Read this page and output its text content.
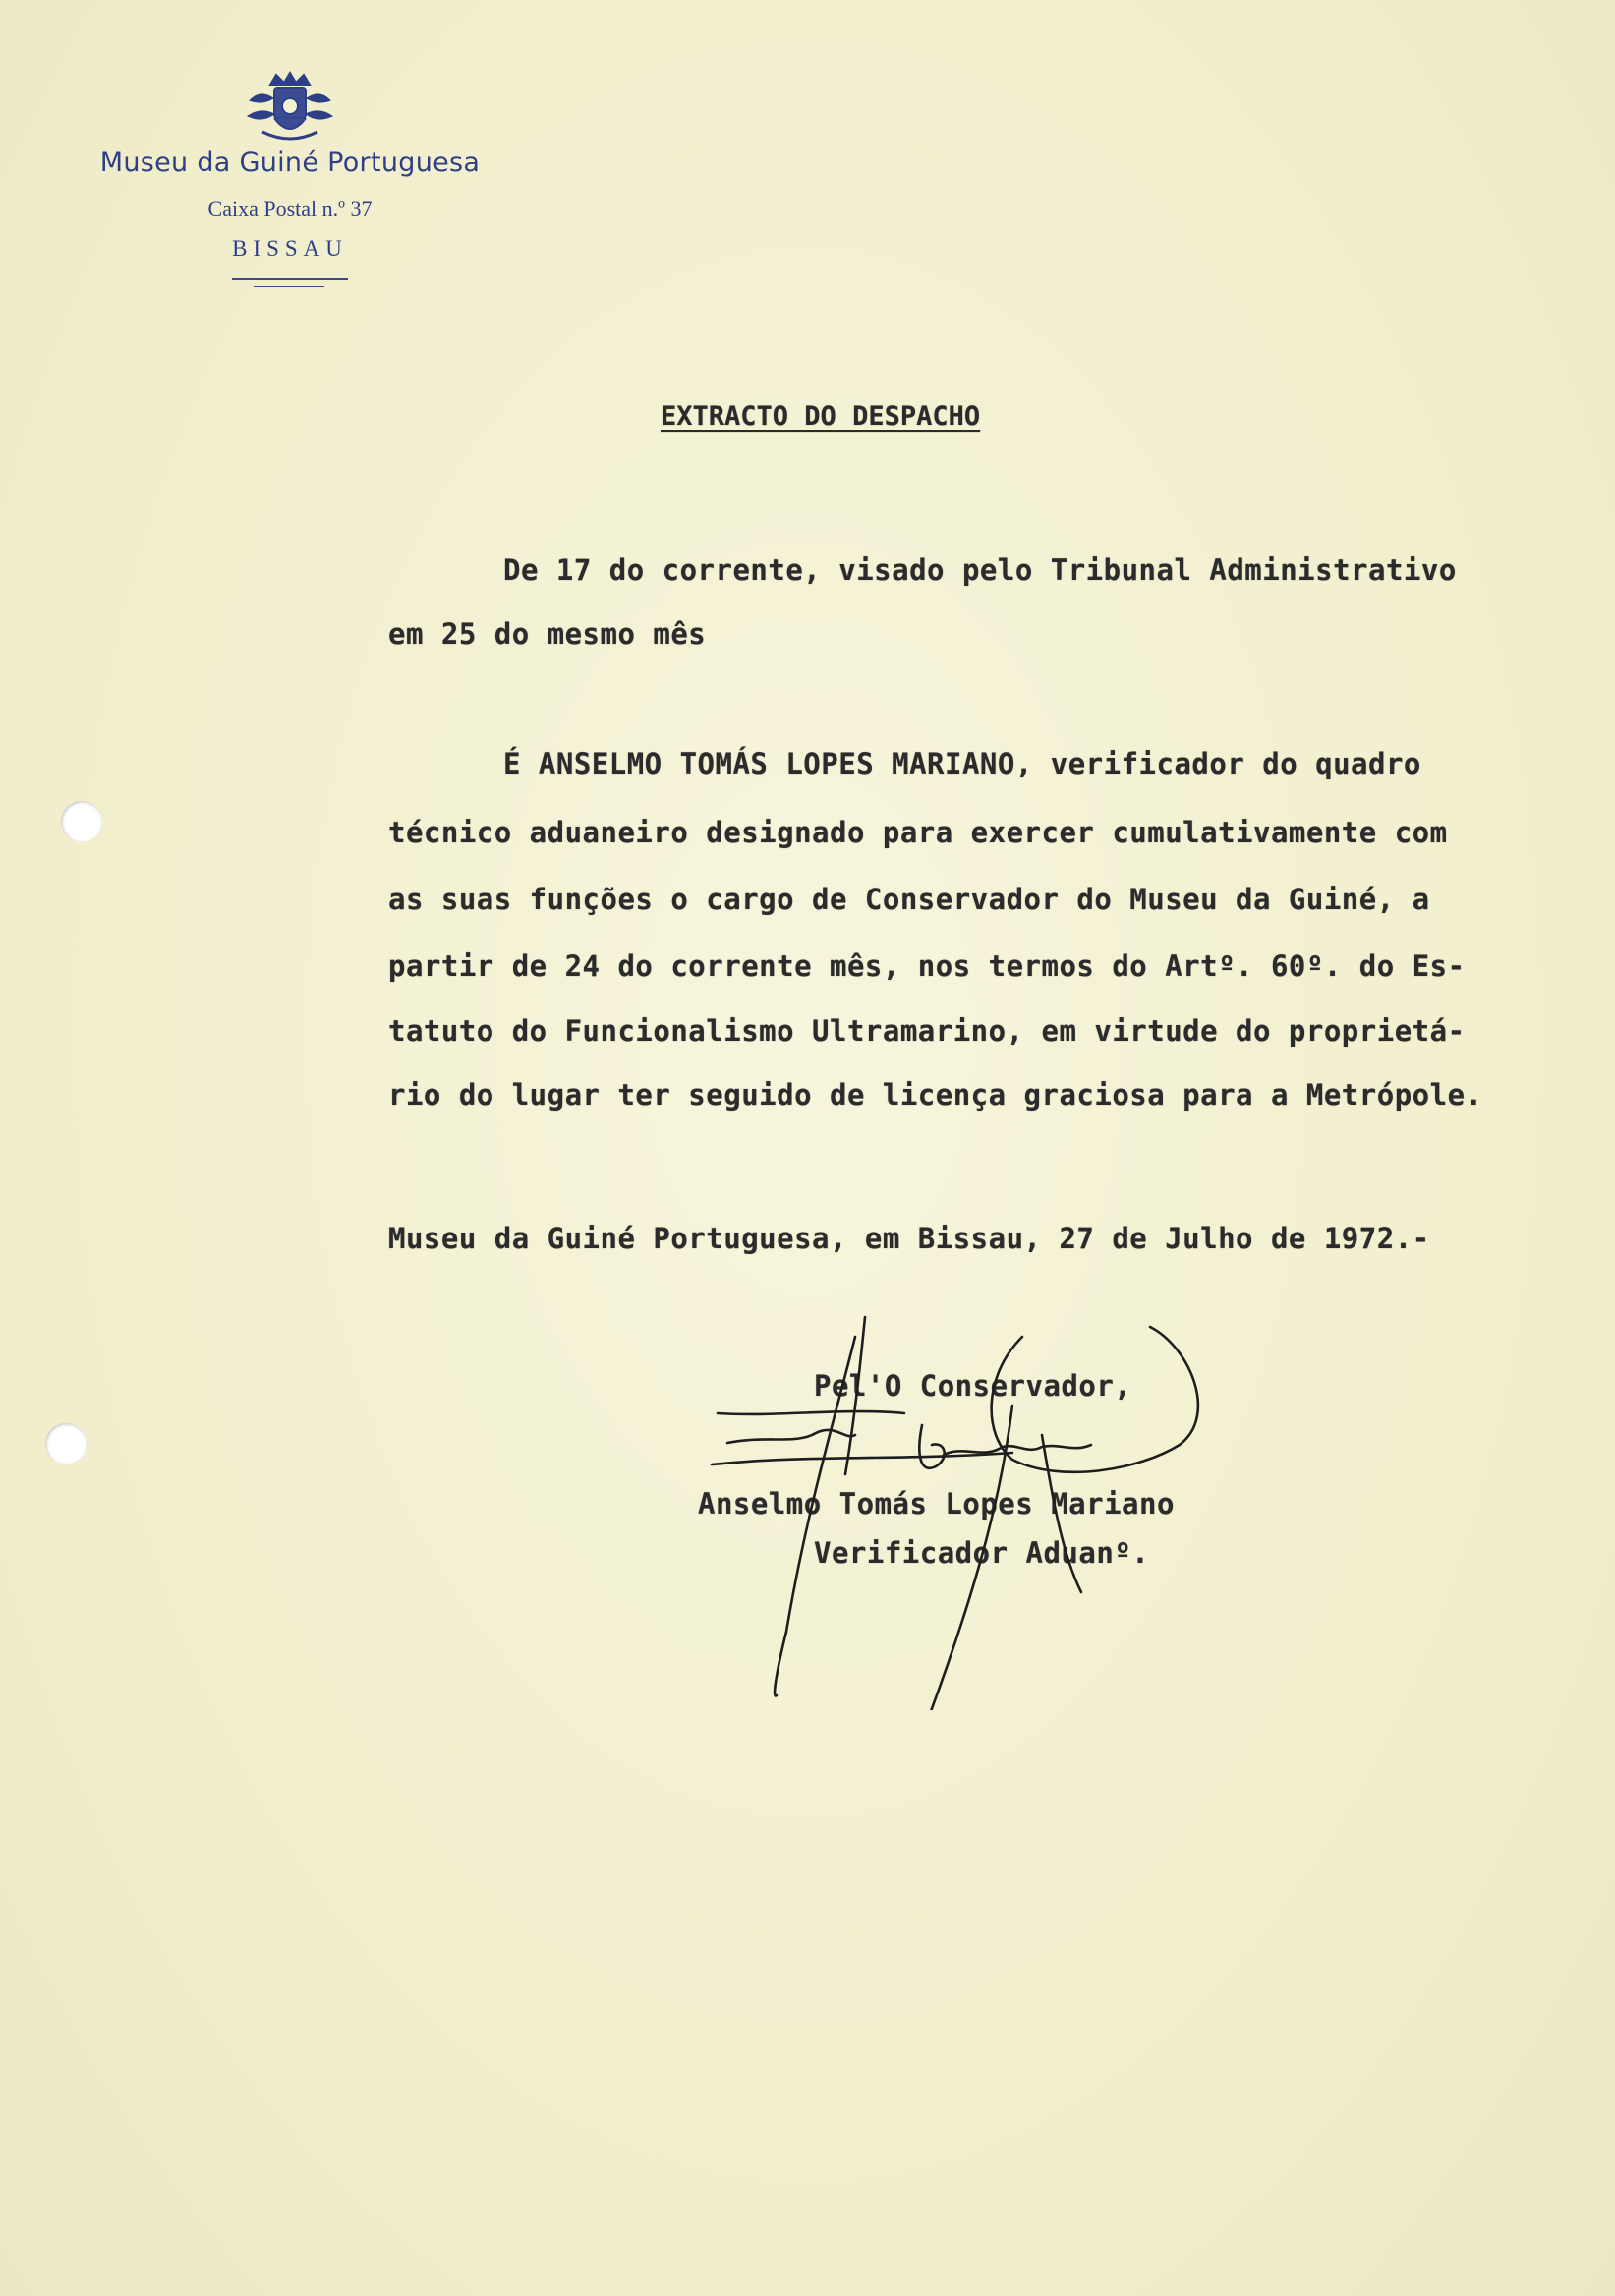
Museu da Guiné Portuguesa
Caixa Postal n.º 37
BISSAU
EXTRACTO DO DESPACHO
De 17 do corrente, visado pelo Tribunal Administrativo
em 25 do mesmo mês
É ANSELMO TOMÁS LOPES MARIANO, verificador do quadro
técnico aduaneiro designado para exercer cumulativamente com
as suas funções o cargo de Conservador do Museu da Guiné, a
partir de 24 do corrente mês, nos termos do Artº. 60º. do Es-
tatuto do Funcionalismo Ultramarino, em virtude do proprietá-
rio do lugar ter seguido de licença graciosa para a Metrópole.
Museu da Guiné Portuguesa, em Bissau, 27 de Julho de 1972.-
Pel'O Conservador,
Anselmo Tomás Lopes Mariano
Verificador Aduanº.
